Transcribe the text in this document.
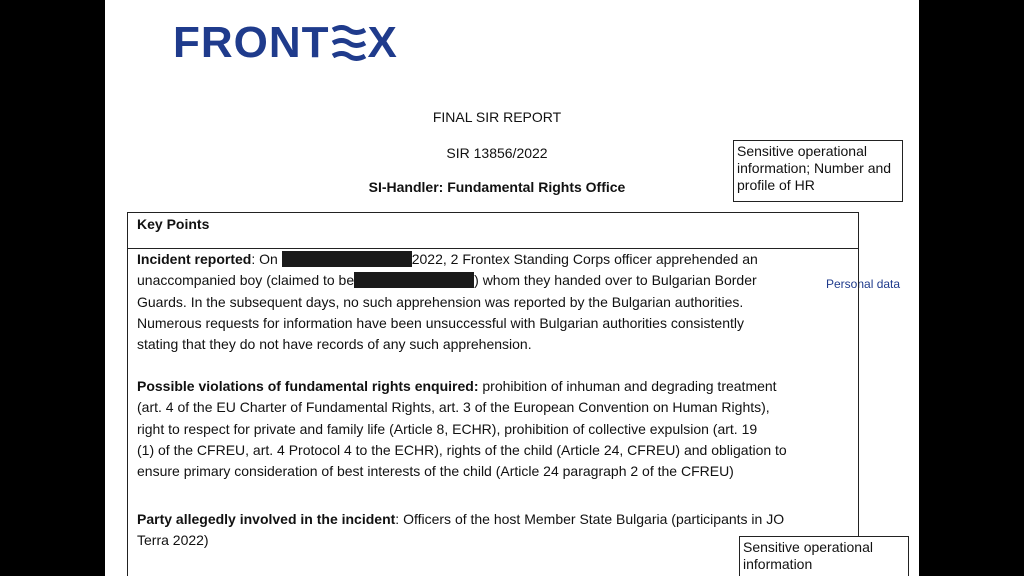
FRONT X
FINAL SIR REPORT
SIR 13856/2022
SI-Handler: Fundamental Rights Office
Sensitive operational information; Number and profile of HR
Personal data
Key Points
Incident reported: On	2022, 2 Frontex Standing Corps officer apprehended an
unaccompanied boy (claimed to be	) whom they handed over to Bulgarian Border
Guards. In the subsequent days, no such apprehension was reported by the Bulgarian authorities.
Numerous requests for information have been unsuccessful with Bulgarian authorities consistently
stating that they do not have records of any such apprehension.
Possible violations of fundamental rights enquired: prohibition of inhuman and degrading treatment
(art. 4 of the EU Charter of Fundamental Rights, art. 3 of the European Convention on Human Rights),
right to respect for private and family life (Article 8, ECHR), prohibition of collective expulsion (art. 19
(1) of the CFREU, art. 4 Protocol 4 to the ECHR), rights of the child (Article 24, CFREU) and obligation to
ensure primary consideration of best interests of the child (Article 24 paragraph 2 of the CFREU)
Party allegedly involved in the incident: Officers of the host Member State Bulgaria (participants in JO
Terra 2022)	Sensitive operational information
